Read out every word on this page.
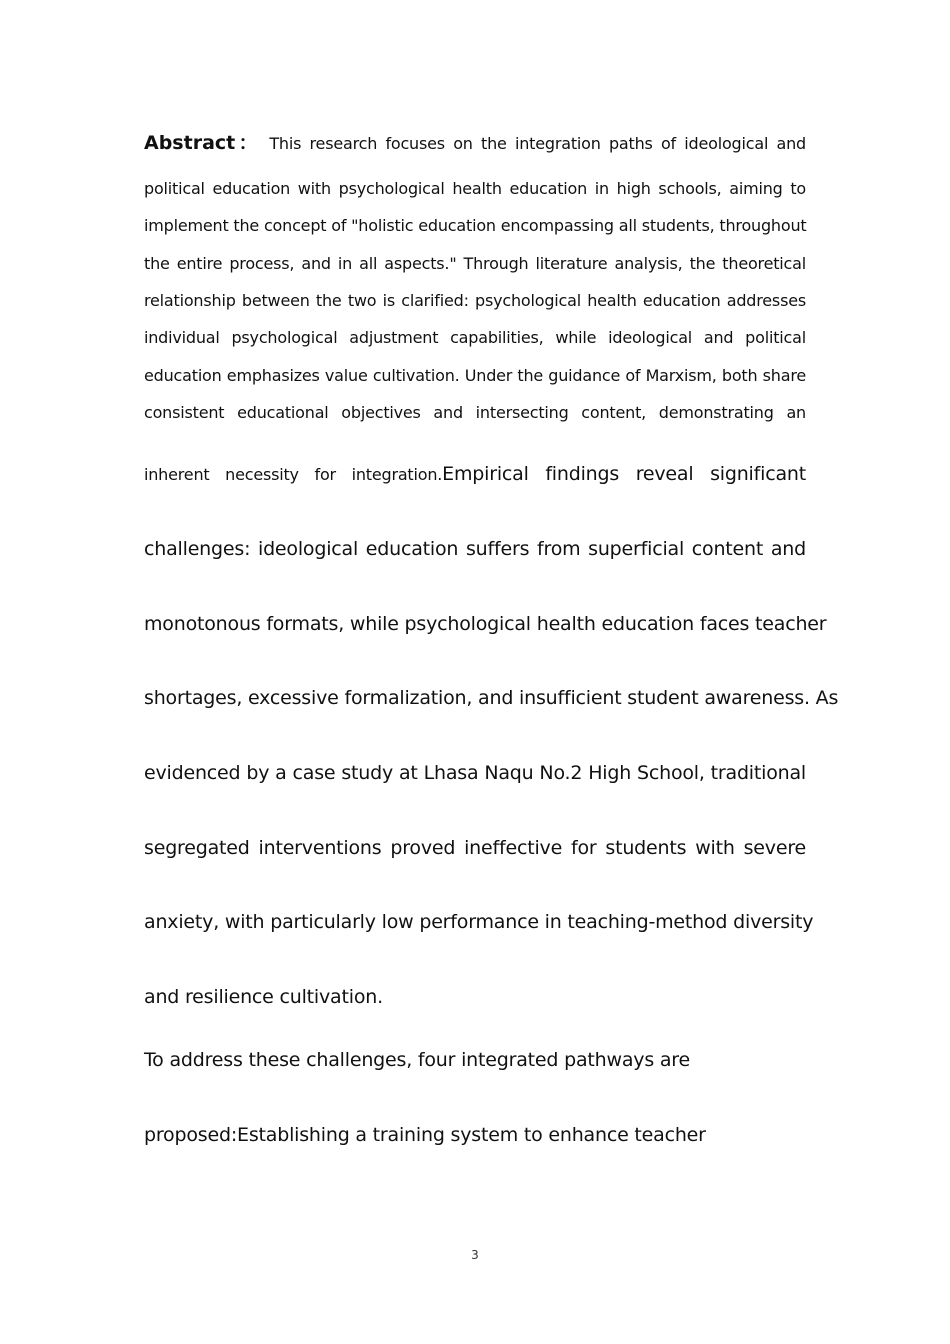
Abstract： This research focuses on the integration paths of ideological and
political education with psychological health education in high schools, aiming to
implement the concept of "holistic education encompassing all students, throughout
the entire process, and in all aspects." Through literature analysis, the theoretical
relationship between the two is clarified: psychological health education addresses
individual psychological adjustment capabilities, while ideological and political
education emphasizes value cultivation. Under the guidance of Marxism, both share
consistent educational objectives and intersecting content, demonstrating an
inherent necessity for integration.Empirical findings reveal significant
challenges: ideological education suffers from superficial content and
monotonous formats, while psychological health education faces teacher
shortages, excessive formalization, and insufficient student awareness. As
evidenced by a case study at Lhasa Naqu No.2 High School, traditional
segregated interventions proved ineffective for students with severe
anxiety, with particularly low performance in teaching-method diversity
and resilience cultivation.
To address these challenges, four integrated pathways are
proposed:Establishing a training system to enhance teacher
3
